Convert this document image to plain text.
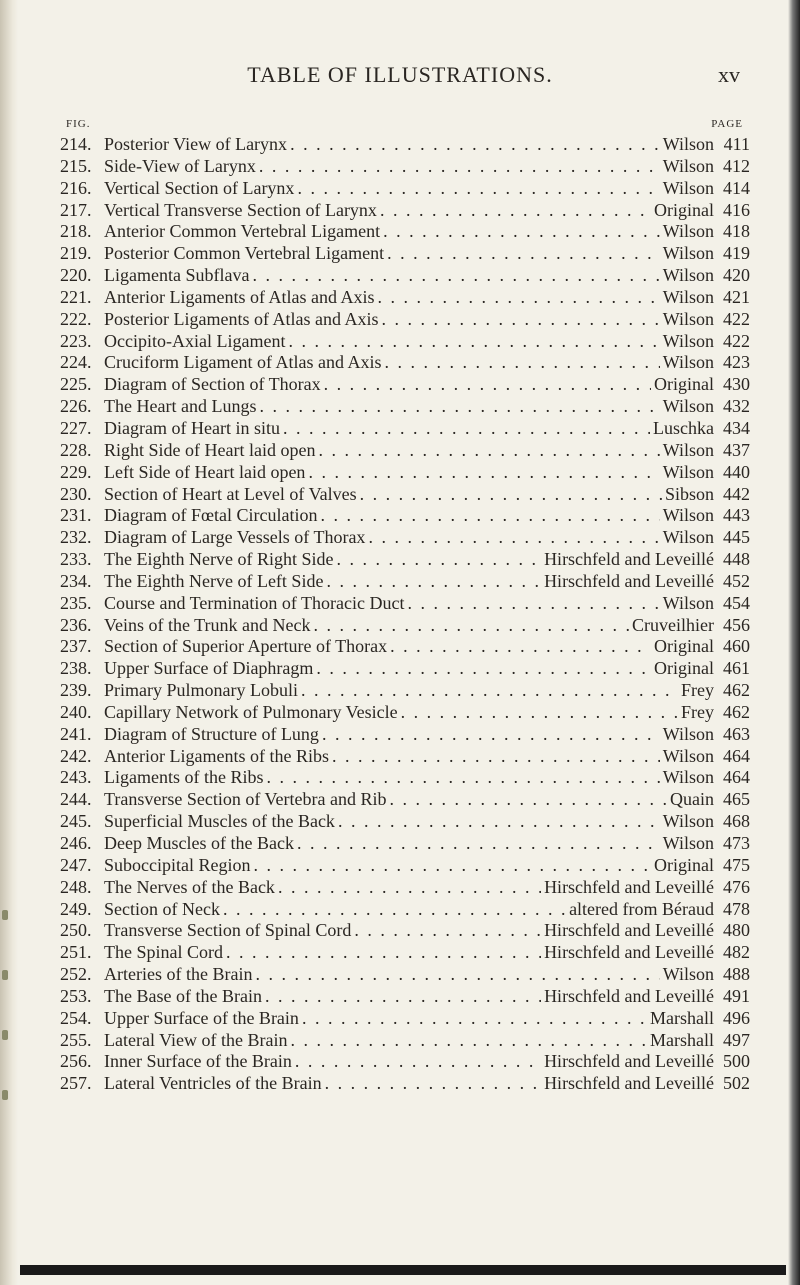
TABLE OF ILLUSTRATIONS.	xv
FIG.	PAGE
214. Posterior View of Larynx . . .	Wilson 411
215. Side-View of Larynx . . .	Wilson 412
216. Vertical Section of Larynx . . .	Wilson 414
217. Vertical Transverse Section of Larynx . . .	Original 416
218. Anterior Common Vertebral Ligament . . .	Wilson 418
219. Posterior Common Vertebral Ligament . . .	Wilson 419
220. Ligamenta Subflava . . .	Wilson 420
221. Anterior Ligaments of Atlas and Axis . . .	Wilson 421
222. Posterior Ligaments of Atlas and Axis . . .	Wilson 422
223. Occipito-Axial Ligament . . .	Wilson 422
224. Cruciform Ligament of Atlas and Axis . . .	Wilson 423
225. Diagram of Section of Thorax . . .	Original 430
226. The Heart and Lungs . . .	Wilson 432
227. Diagram of Heart in situ . . .	Luschka 434
228. Right Side of Heart laid open . . .	Wilson 437
229. Left Side of Heart laid open . . .	Wilson 440
230. Section of Heart at Level of Valves . . .	Sibson 442
231. Diagram of Fœtal Circulation . . .	Wilson 443
232. Diagram of Large Vessels of Thorax . . .	Wilson 445
233. The Eighth Nerve of Right Side . . .	Hirschfeld and Leveillé 448
234. The Eighth Nerve of Left Side . . .	Hirschfeld and Leveillé 452
235. Course and Termination of Thoracic Duct . . .	Wilson 454
236. Veins of the Trunk and Neck . . .	Cruveilhier 456
237. Section of Superior Aperture of Thorax . . .	Original 460
238. Upper Surface of Diaphragm . . .	Original 461
239. Primary Pulmonary Lobuli . . .	Frey 462
240. Capillary Network of Pulmonary Vesicle . . .	Frey 462
241. Diagram of Structure of Lung . . .	Wilson 463
242. Anterior Ligaments of the Ribs . . .	Wilson 464
243. Ligaments of the Ribs . . .	Wilson 464
244. Transverse Section of Vertebra and Rib . . .	Quain 465
245. Superficial Muscles of the Back . . .	Wilson 468
246. Deep Muscles of the Back . . .	Wilson 473
247. Suboccipital Region . . .	Original 475
248. The Nerves of the Back . . .	Hirschfeld and Leveillé 476
249. Section of Neck . . .	altered from Béraud 478
250. Transverse Section of Spinal Cord . . .	Hirschfeld and Leveillé 480
251. The Spinal Cord . . .	Hirschfeld and Leveillé 482
252. Arteries of the Brain . . .	Wilson 488
253. The Base of the Brain . . .	Hirschfeld and Leveillé 491
254. Upper Surface of the Brain . . .	Marshall 496
255. Lateral View of the Brain . . .	Marshall 497
256. Inner Surface of the Brain . . .	Hirschfeld and Leveillé 500
257. Lateral Ventricles of the Brain . . .	Hirschfeld and Leveillé 502
